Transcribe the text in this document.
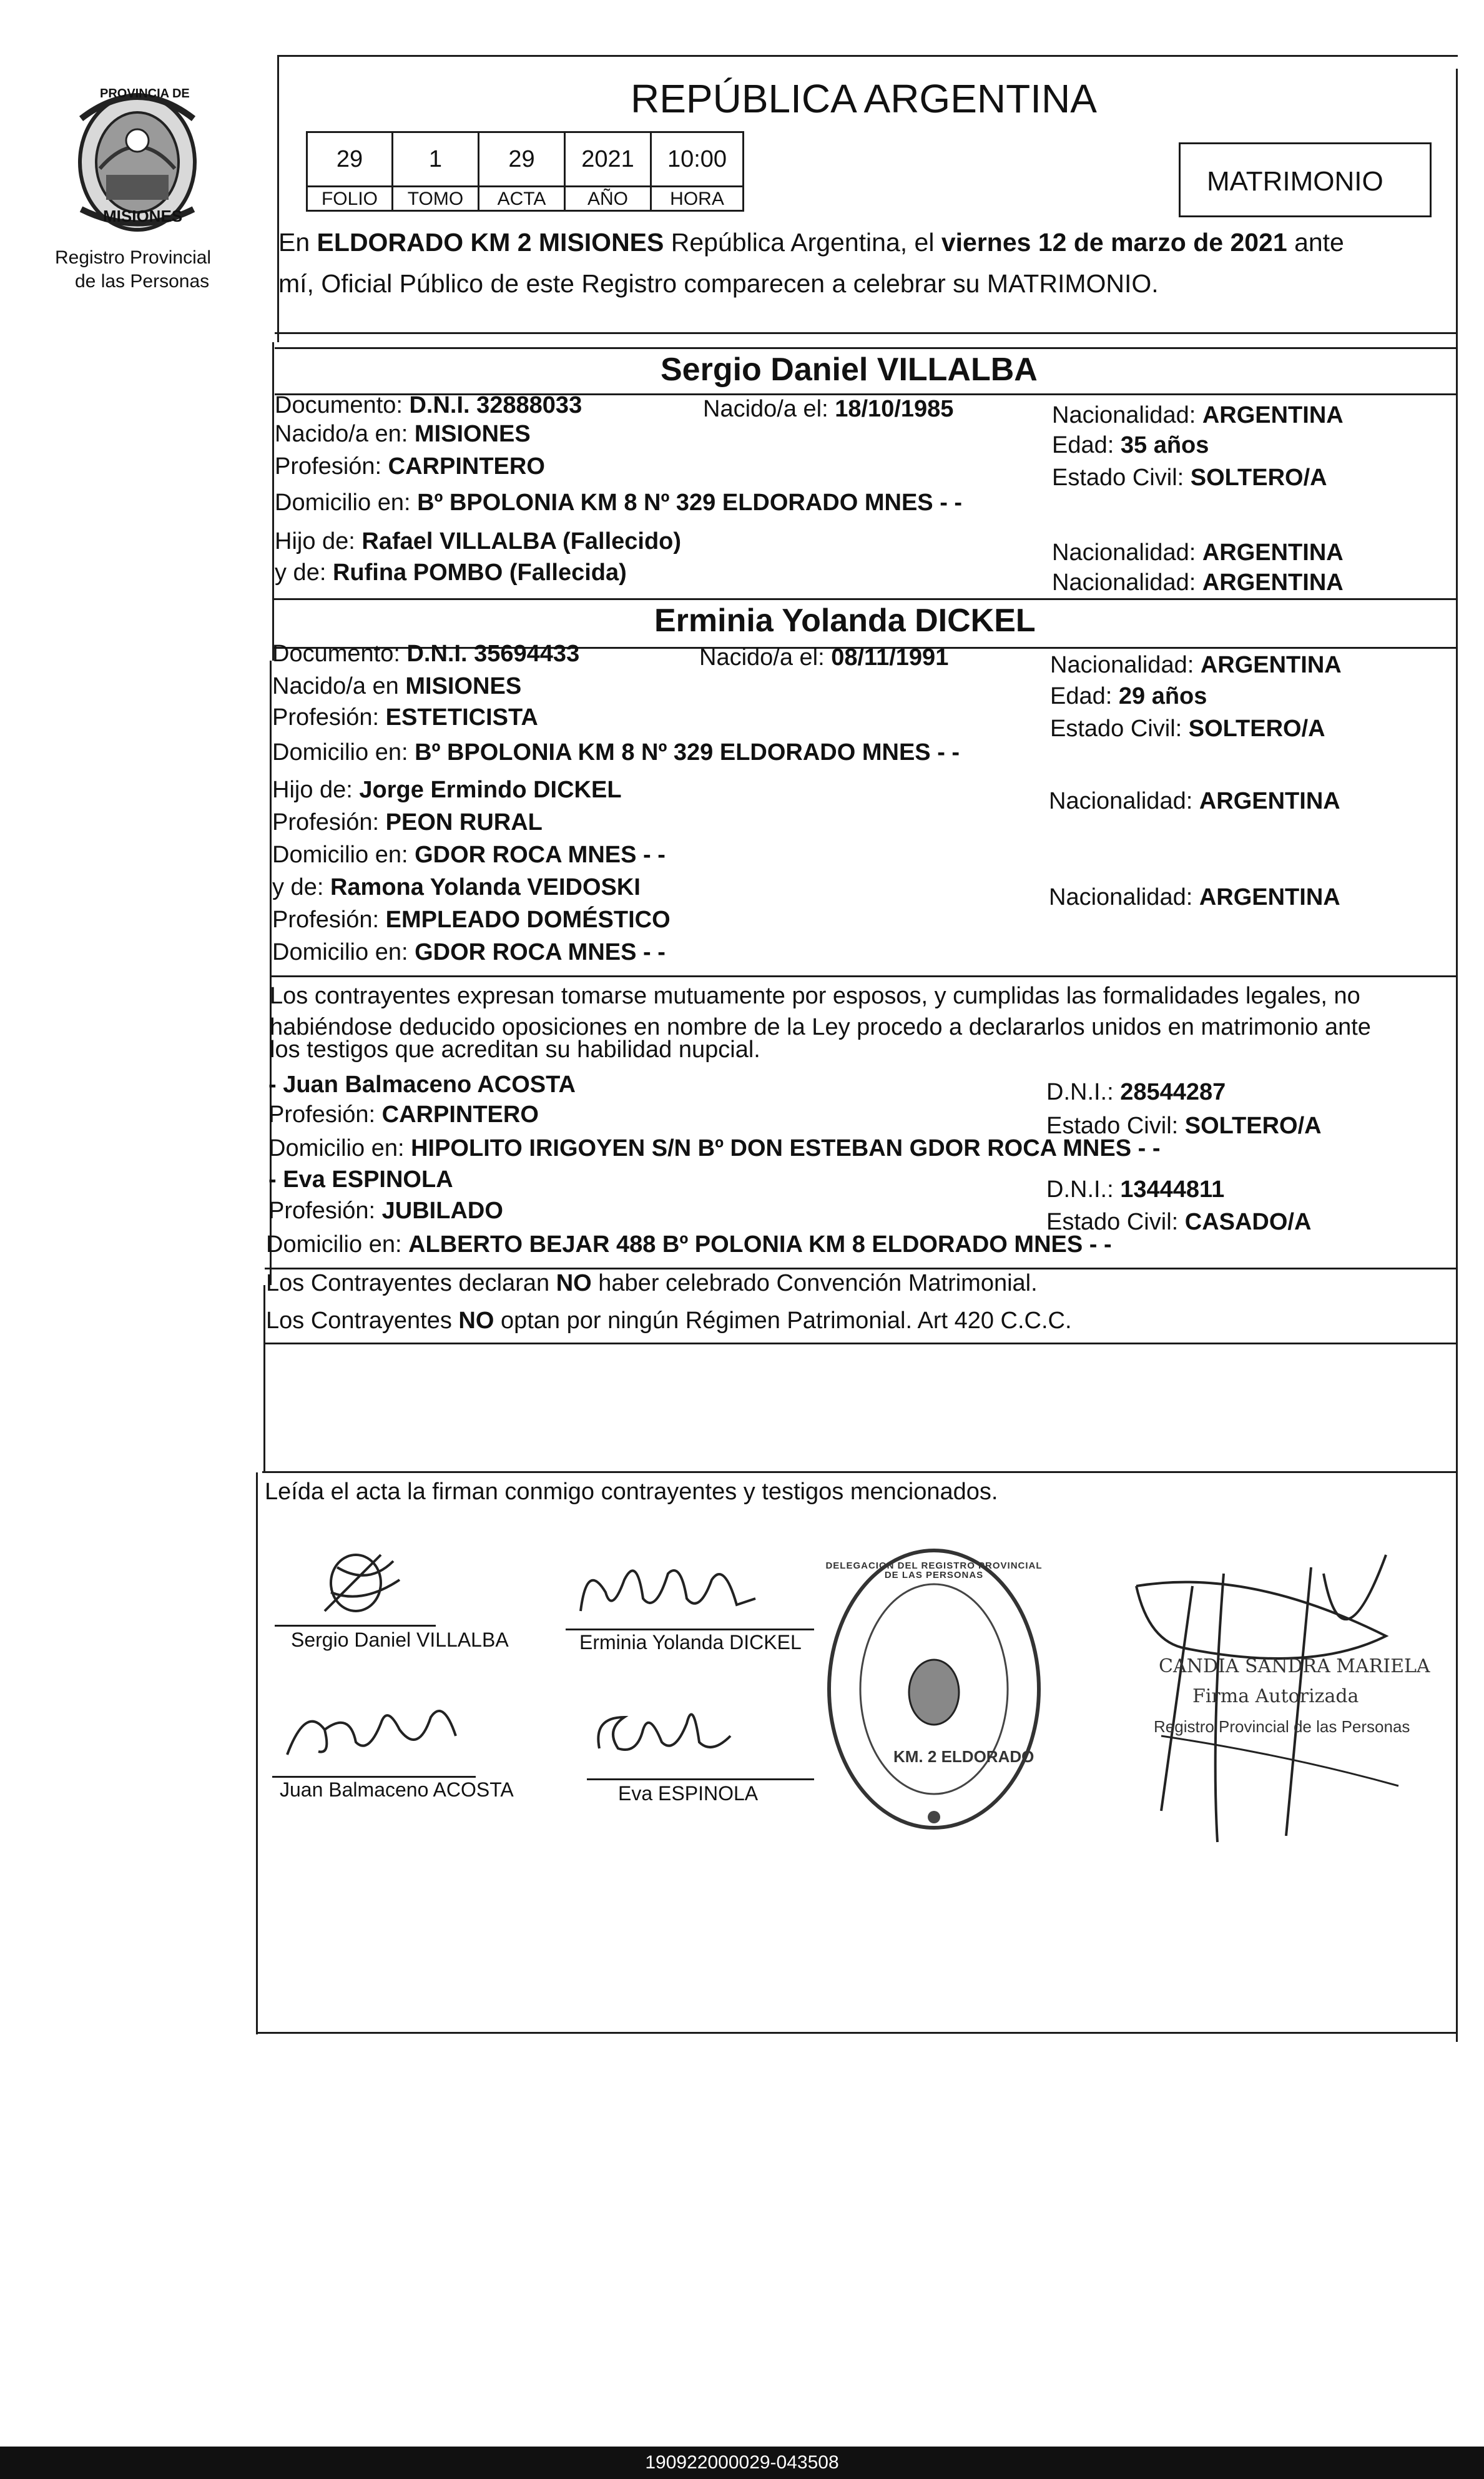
PROVINCIA DE
MISIONES
Registro Provincial
de las Personas
REPÚBLICA ARGENTINA
MATRIMONIO
29	1	29	2021	10:00
FOLIO	TOMO	ACTA	AÑO	HORA
En ELDORADO KM 2 MISIONES República Argentina, el viernes 12 de marzo de 2021 ante
mí, Oficial Público de este Registro comparecen a celebrar su MATRIMONIO.
Sergio Daniel VILLALBA
Documento: D.N.I. 32888033	Nacido/a el: 18/10/1985	Nacionalidad: ARGENTINA
Nacido/a en: MISIONES	Edad: 35 años
Profesión: CARPINTERO	Estado Civil: SOLTERO/A
Domicilio en: Bº BPOLONIA KM 8 Nº 329 ELDORADO MNES - -
Hijo de: Rafael VILLALBA (Fallecido)	Nacionalidad: ARGENTINA
y de: Rufina POMBO (Fallecida)	Nacionalidad: ARGENTINA
Erminia Yolanda DICKEL
Documento: D.N.I. 35694433	Nacido/a el: 08/11/1991	Nacionalidad: ARGENTINA
Nacido/a en MISIONES	Edad: 29 años
Profesión: ESTETICISTA	Estado Civil: SOLTERO/A
Domicilio en: Bº BPOLONIA KM 8 Nº 329 ELDORADO MNES - -
Hijo de: Jorge Ermindo DICKEL	Nacionalidad: ARGENTINA
Profesión: PEON RURAL
Domicilio en: GDOR ROCA MNES - -
y de: Ramona Yolanda VEIDOSKI	Nacionalidad: ARGENTINA
Profesión: EMPLEADO DOMÉSTICO
Domicilio en: GDOR ROCA MNES - -
Los contrayentes expresan tomarse mutuamente por esposos, y cumplidas las formalidades legales, no
habiéndose deducido oposiciones en nombre de la Ley procedo a declararlos unidos en matrimonio ante
los testigos que acreditan su habilidad nupcial.
- Juan Balmaceno ACOSTA	D.N.I.: 28544287
Profesión: CARPINTERO	Estado Civil: SOLTERO/A
Domicilio en: HIPOLITO IRIGOYEN S/N Bº DON ESTEBAN GDOR ROCA MNES - -
- Eva ESPINOLA	D.N.I.: 13444811
Profesión: JUBILADO	Estado Civil: CASADO/A
Domicilio en: ALBERTO BEJAR 488 Bº POLONIA KM 8 ELDORADO MNES - -
Los Contrayentes declaran NO haber celebrado Convención Matrimonial.
Los Contrayentes NO optan por ningún Régimen Patrimonial. Art 420 C.C.C.
Leída el acta la firman conmigo contrayentes y testigos mencionados.
Sergio Daniel VILLALBA	Erminia Yolanda DICKEL
Juan Balmaceno ACOSTA	Eva ESPINOLA
DELEGACION DEL REGISTRO PROVINCIAL DE LAS PERSONAS
KM. 2 ELDORADO
CANDIA SANDRA MARIELA
Firma Autorizada
Registro Provincial de las Personas
190922000029-043508
